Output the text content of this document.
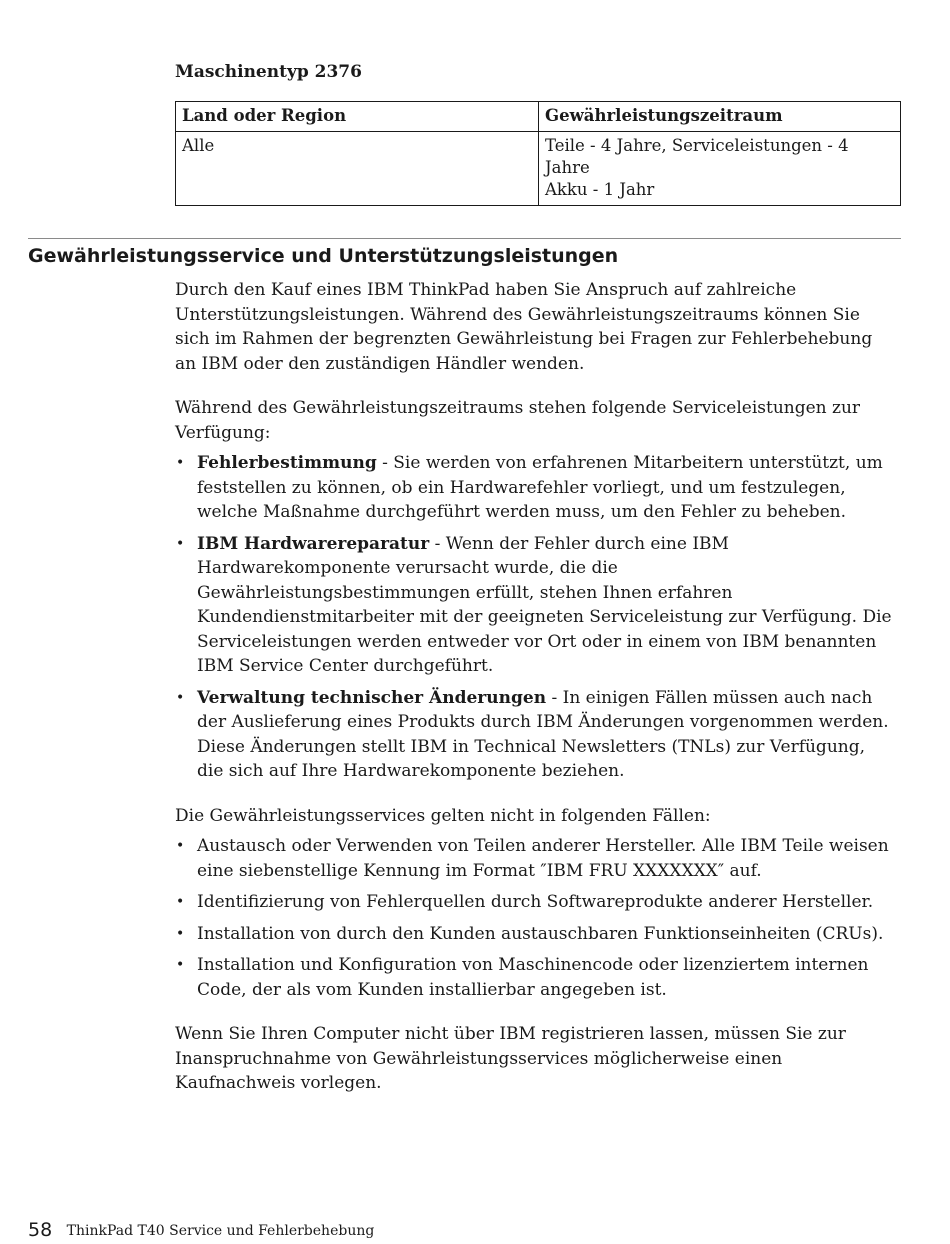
Maschinentyp 2376
Land oder Region	Gewährleistungszeitraum
Alle	Teile - 4 Jahre, Serviceleistungen - 4 Jahre
Akku - 1 Jahr
Gewährleistungsservice und Unterstützungsleistungen

Durch den Kauf eines IBM ThinkPad haben Sie Anspruch auf zahlreiche Unterstützungsleistungen. Während des Gewährleistungszeitraums können Sie sich im Rahmen der begrenzten Gewährleistung bei Fragen zur Fehlerbehebung an IBM oder den zuständigen Händler wenden.

Während des Gewährleistungszeitraums stehen folgende Serviceleistungen zur Verfügung:

• Fehlerbestimmung - Sie werden von erfahrenen Mitarbeitern unterstützt, um feststellen zu können, ob ein Hardwarefehler vorliegt, und um festzulegen, welche Maßnahme durchgeführt werden muss, um den Fehler zu beheben.
• IBM Hardwarereparatur - Wenn der Fehler durch eine IBM Hardwarekomponente verursacht wurde, die die Gewährleistungsbestimmungen erfüllt, stehen Ihnen erfahren Kundendienstmitarbeiter mit der geeigneten Serviceleistung zur Verfügung. Die Serviceleistungen werden entweder vor Ort oder in einem von IBM benannten IBM Service Center durchgeführt.
• Verwaltung technischer Änderungen - In einigen Fällen müssen auch nach der Auslieferung eines Produkts durch IBM Änderungen vorgenommen werden. Diese Änderungen stellt IBM in Technical Newsletters (TNLs) zur Verfügung, die sich auf Ihre Hardwarekomponente beziehen.

Die Gewährleistungsservices gelten nicht in folgenden Fällen:

• Austausch oder Verwenden von Teilen anderer Hersteller. Alle IBM Teile weisen eine siebenstellige Kennung im Format ″IBM FRU XXXXXXX″ auf.
• Identifizierung von Fehlerquellen durch Softwareprodukte anderer Hersteller.
• Installation von durch den Kunden austauschbaren Funktionseinheiten (CRUs).
• Installation und Konfiguration von Maschinencode oder lizenziertem internen Code, der als vom Kunden installierbar angegeben ist.

Wenn Sie Ihren Computer nicht über IBM registrieren lassen, müssen Sie zur Inanspruchnahme von Gewährleistungsservices möglicherweise einen Kaufnachweis vorlegen.

58 ThinkPad T40 Service und Fehlerbehebung
